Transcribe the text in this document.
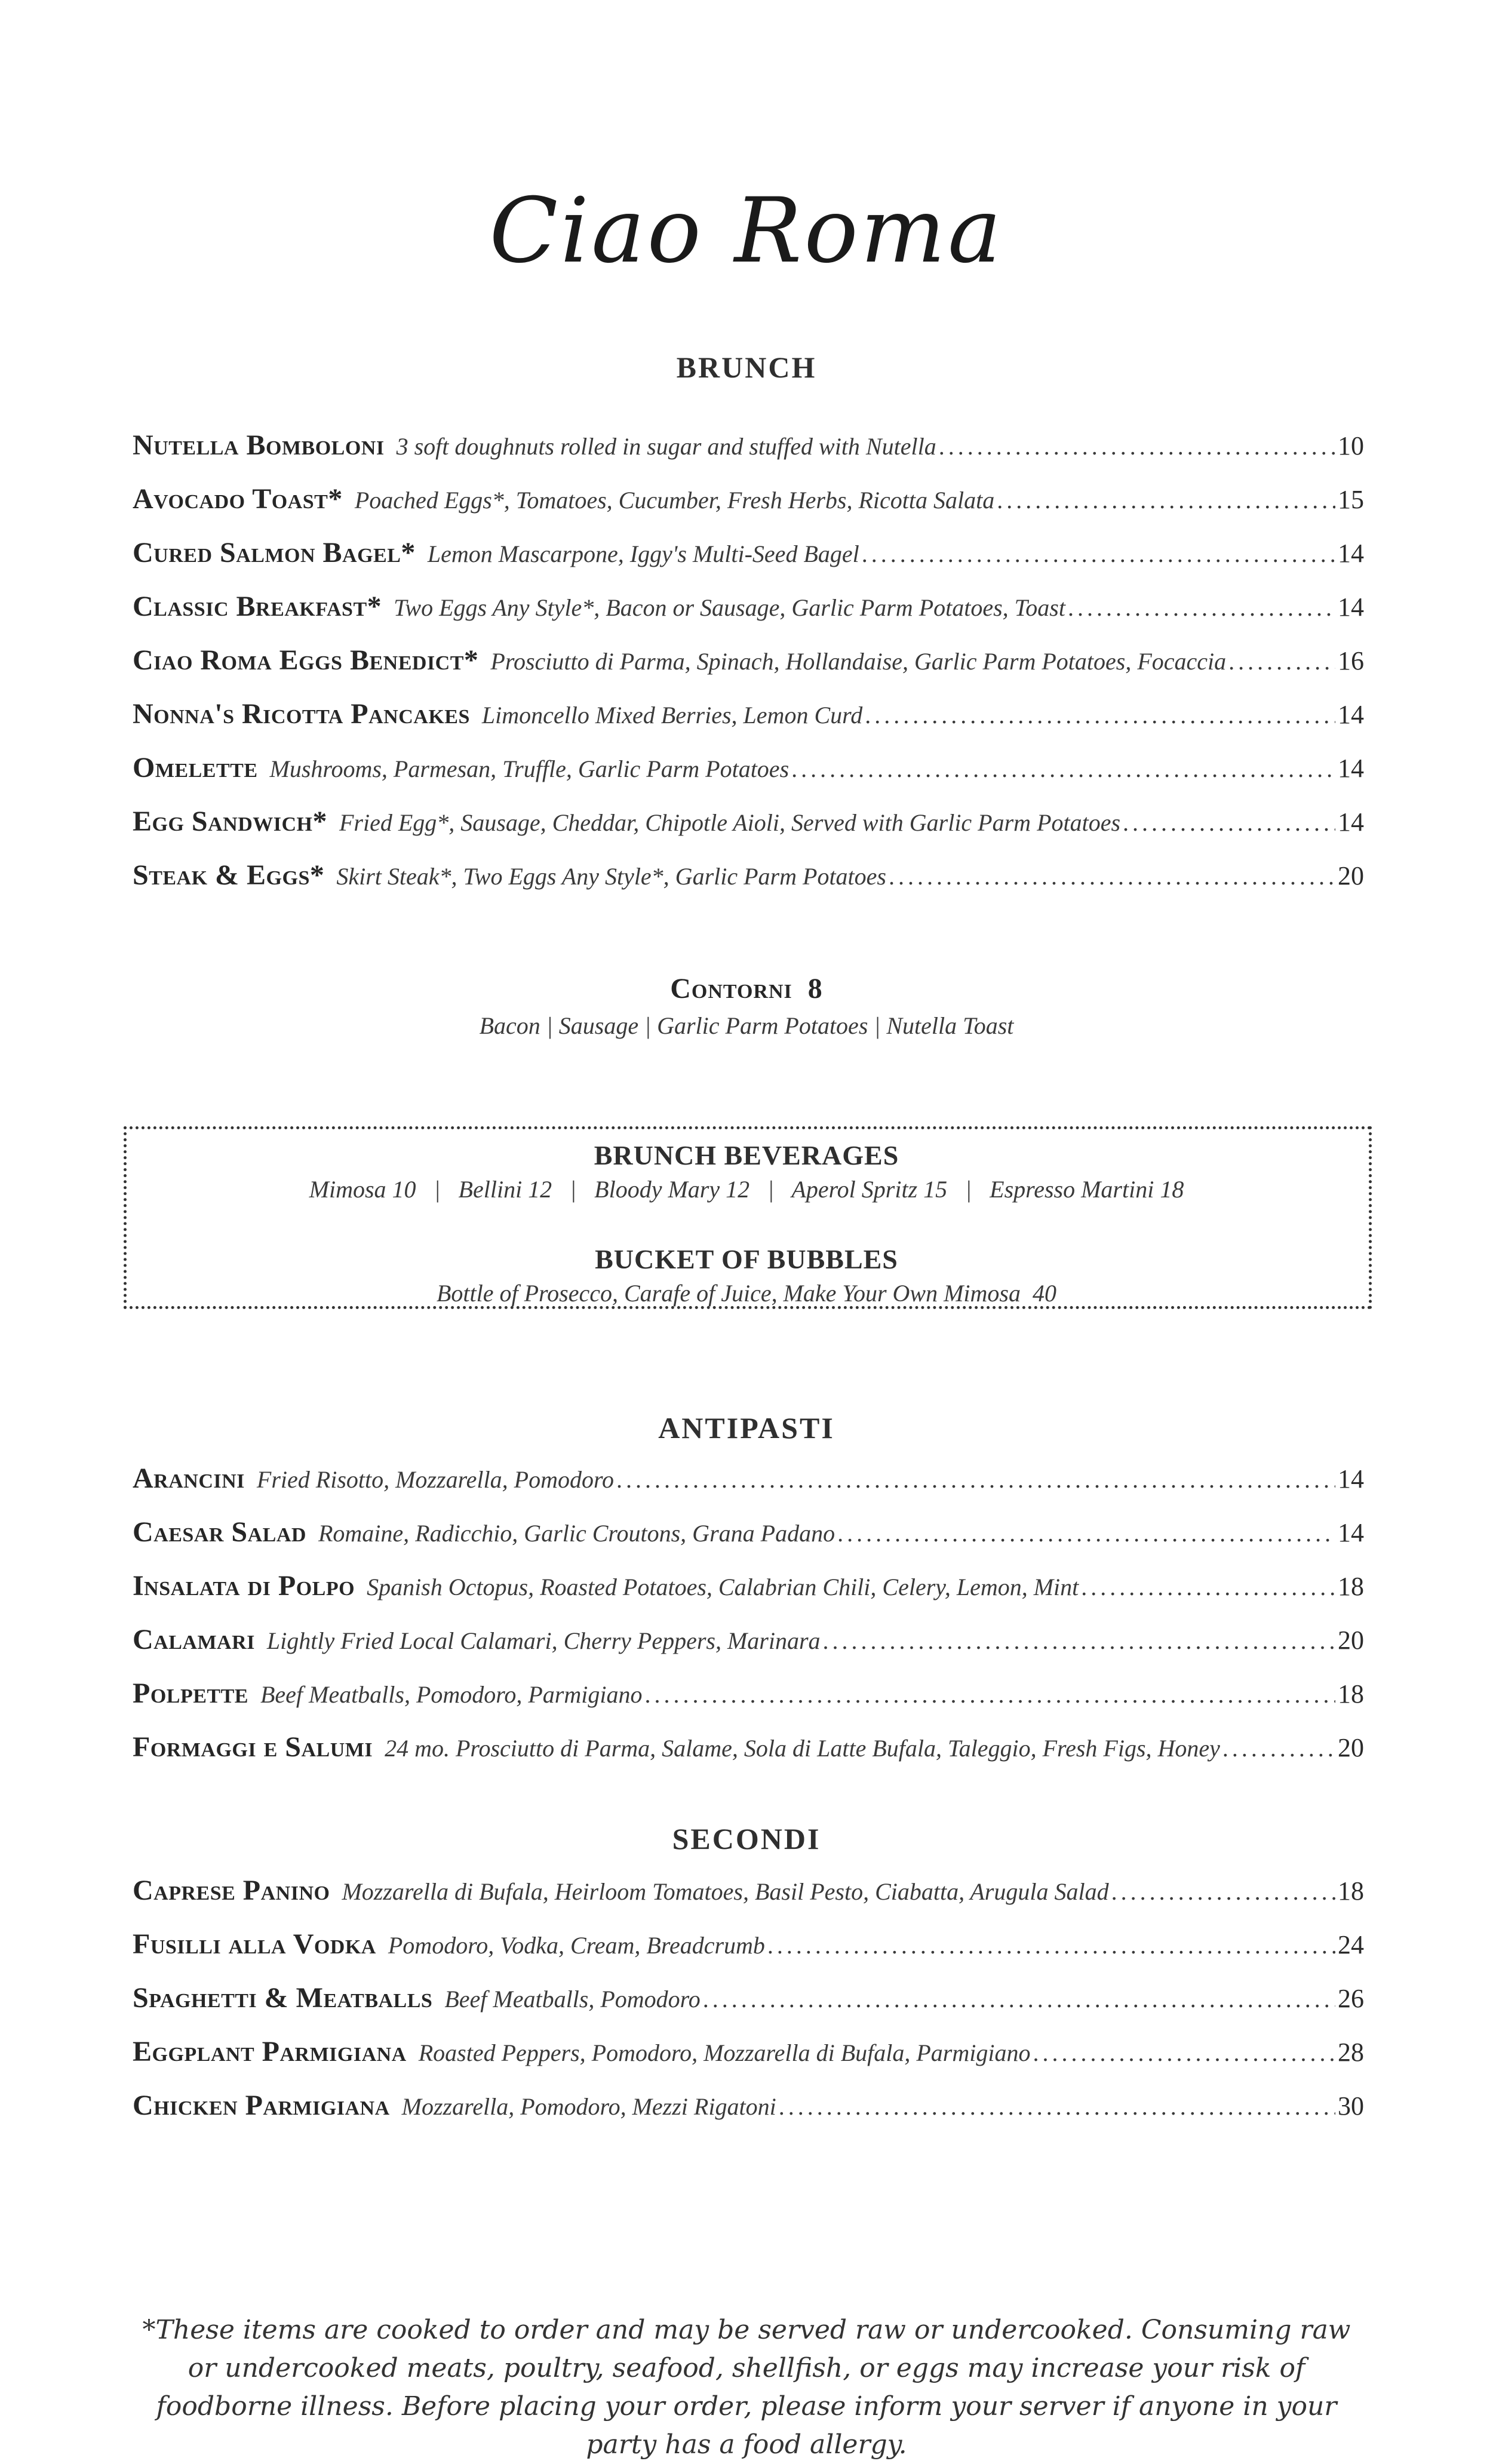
Ciao Roma
BRUNCH
Nutella Bomboloni 3 soft doughnuts rolled in sugar and stuffed with Nutella . . .	10
Avocado Toast* Poached Eggs*, Tomatoes, Cucumber, Fresh Herbs, Ricotta Salata . . .	15
Cured Salmon Bagel* Lemon Mascarpone, Iggy's Multi-Seed Bagel . . .	14
Classic Breakfast* Two Eggs Any Style*, Bacon or Sausage, Garlic Parm Potatoes, Toast . . .	14
Ciao Roma Eggs Benedict* Prosciutto di Parma, Spinach, Hollandaise, Garlic Parm Potatoes, Focaccia . . .	16
Nonna's Ricotta Pancakes Limoncello Mixed Berries, Lemon Curd . . .	14
Omelette Mushrooms, Parmesan, Truffle, Garlic Parm Potatoes . . .	14
Egg Sandwich* Fried Egg*, Sausage, Cheddar, Chipotle Aioli, Served with Garlic Parm Potatoes . . .	14
Steak & Eggs* Skirt Steak*, Two Eggs Any Style*, Garlic Parm Potatoes . . .	20
Contorni 8
Bacon | Sausage | Garlic Parm Potatoes | Nutella Toast
BRUNCH BEVERAGES
Mimosa 10   |   Bellini 12   |   Bloody Mary 12   |   Aperol Spritz 15   |   Espresso Martini 18
BUCKET OF BUBBLES
Bottle of Prosecco, Carafe of Juice, Make Your Own Mimosa  40
ANTIPASTI
Arancini Fried Risotto, Mozzarella, Pomodoro . . .	14
Caesar Salad Romaine, Radicchio, Garlic Croutons, Grana Padano . . .	14
Insalata di Polpo Spanish Octopus, Roasted Potatoes, Calabrian Chili, Celery, Lemon, Mint . . .	18
Calamari Lightly Fried Local Calamari, Cherry Peppers, Marinara . . .	20
Polpette Beef Meatballs, Pomodoro, Parmigiano . . .	18
Formaggi e Salumi 24 mo. Prosciutto di Parma, Salame, Sola di Latte Bufala, Taleggio, Fresh Figs, Honey . . .	20
SECONDI
Caprese Panino Mozzarella di Bufala, Heirloom Tomatoes, Basil Pesto, Ciabatta, Arugula Salad . . .	18
Fusilli alla Vodka Pomodoro, Vodka, Cream, Breadcrumb . . .	24
Spaghetti & Meatballs Beef Meatballs, Pomodoro . . .	26
Eggplant Parmigiana Roasted Peppers, Pomodoro, Mozzarella di Bufala, Parmigiano . . .	28
Chicken Parmigiana Mozzarella, Pomodoro, Mezzi Rigatoni . . .	30
*These items are cooked to order and may be served raw or undercooked. Consuming raw or undercooked meats, poultry, seafood, shellfish, or eggs may increase your risk of foodborne illness. Before placing your order, please inform your server if anyone in your party has a food allergy.
